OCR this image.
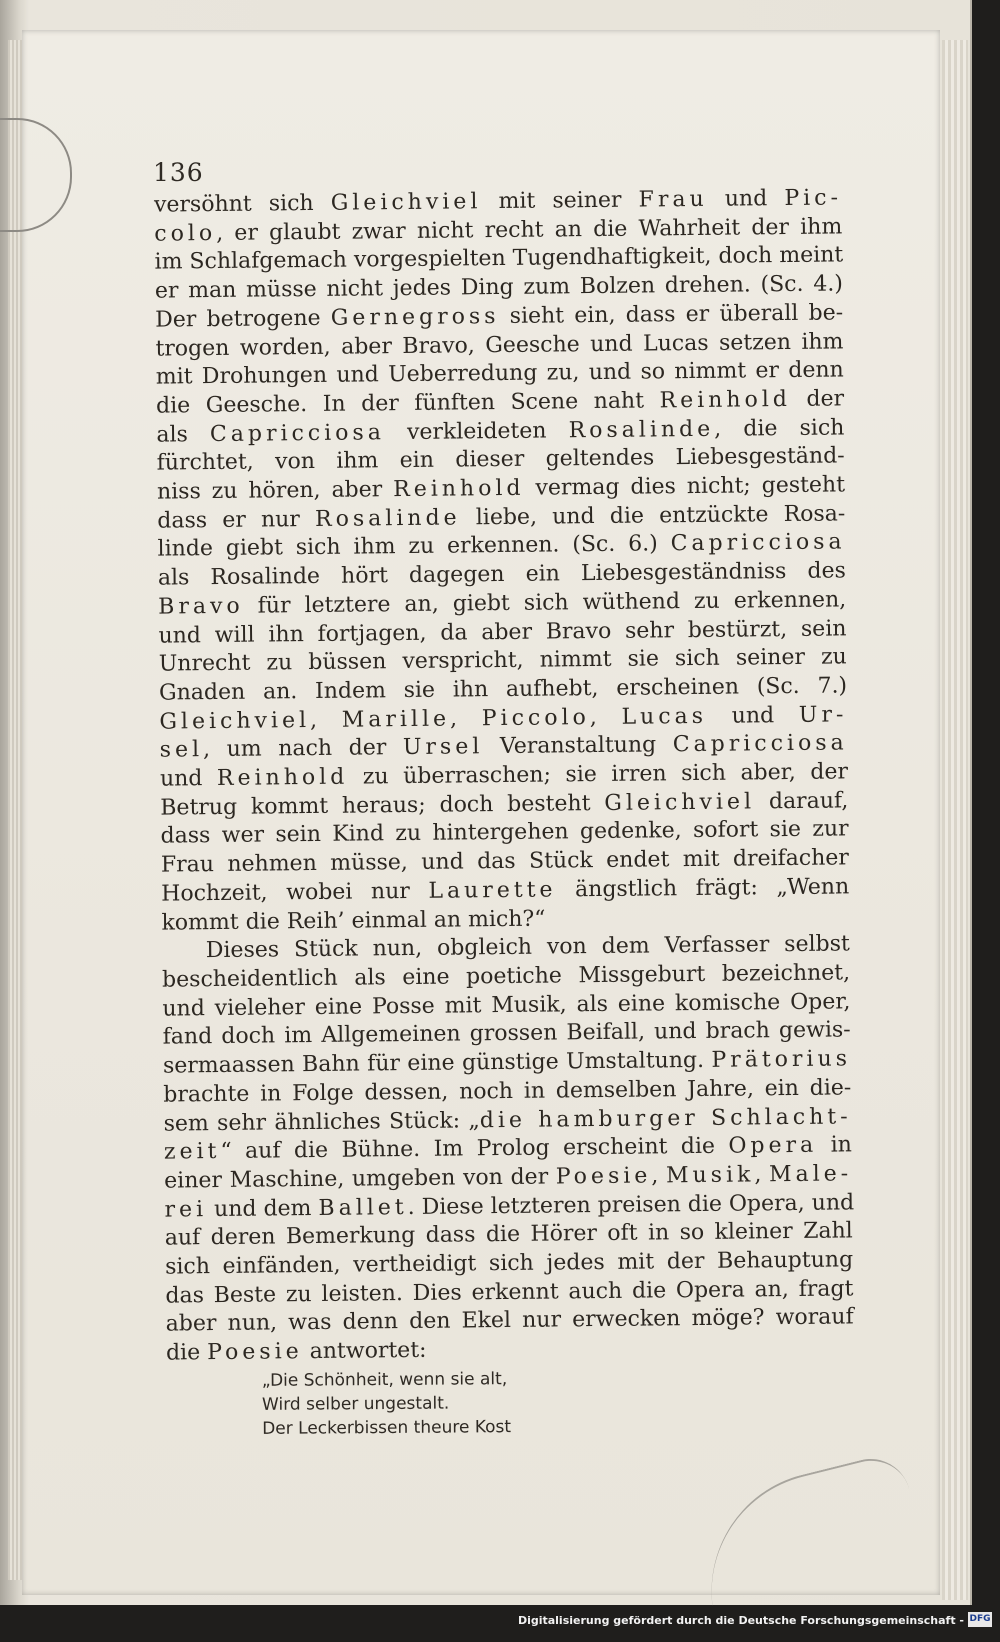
136
versöhnt sich Gleichviel mit seiner Frau und Pic-
colo, er glaubt zwar nicht recht an die Wahrheit der ihm
im Schlafgemach vorgespielten Tugendhaftigkeit, doch meint
er man müsse nicht jedes Ding zum Bolzen drehen. (Sc. 4.)
Der betrogene Gernegross sieht ein, dass er überall be-
trogen worden, aber Bravo, Geesche und Lucas setzen ihm
mit Drohungen und Ueberredung zu, und so nimmt er denn
die Geesche. In der fünften Scene naht Reinhold der
als Capricciosa verkleideten Rosalinde, die sich
fürchtet, von ihm ein dieser geltendes Liebesgeständ-
niss zu hören, aber Reinhold vermag dies nicht; gesteht
dass er nur Rosalinde liebe, und die entzückte Rosa-
linde giebt sich ihm zu erkennen. (Sc. 6.) Capricciosa
als Rosalinde hört dagegen ein Liebesgeständniss des
Bravo für letztere an, giebt sich wüthend zu erkennen,
und will ihn fortjagen, da aber Bravo sehr bestürzt, sein
Unrecht zu büssen verspricht, nimmt sie sich seiner zu
Gnaden an. Indem sie ihn aufhebt, erscheinen (Sc. 7.)
Gleichviel, Marille, Piccolo, Lucas und Ur-
sel, um nach der Ursel Veranstaltung Capricciosa
und Reinhold zu überraschen; sie irren sich aber, der
Betrug kommt heraus; doch besteht Gleichviel darauf,
dass wer sein Kind zu hintergehen gedenke, sofort sie zur
Frau nehmen müsse, und das Stück endet mit dreifacher
Hochzeit, wobei nur Laurette ängstlich frägt: „Wenn
kommt die Reih’ einmal an mich?“
Dieses Stück nun, obgleich von dem Verfasser selbst
bescheidentlich als eine poetiche Missgeburt bezeichnet,
und vieleher eine Posse mit Musik, als eine komische Oper,
fand doch im Allgemeinen grossen Beifall, und brach gewis-
sermaassen Bahn für eine günstige Umstaltung. Prätorius
brachte in Folge dessen, noch in demselben Jahre, ein die-
sem sehr ähnliches Stück: „die hamburger Schlacht-
zeit“ auf die Bühne. Im Prolog erscheint die Opera in
einer Maschine, umgeben von der Poesie, Musik, Male-
rei und dem Ballet. Diese letzteren preisen die Opera, und
auf deren Bemerkung dass die Hörer oft in so kleiner Zahl
sich einfänden, vertheidigt sich jedes mit der Behauptung
das Beste zu leisten. Dies erkennt auch die Opera an, fragt
aber nun, was denn den Ekel nur erwecken möge? worauf
die Poesie antwortet:
„Die Schönheit, wenn sie alt,
Wird selber ungestalt.
Der Leckerbissen theure Kost
Digitalisierung gefördert durch die Deutsche Forschungsgemeinschaft - DFG
